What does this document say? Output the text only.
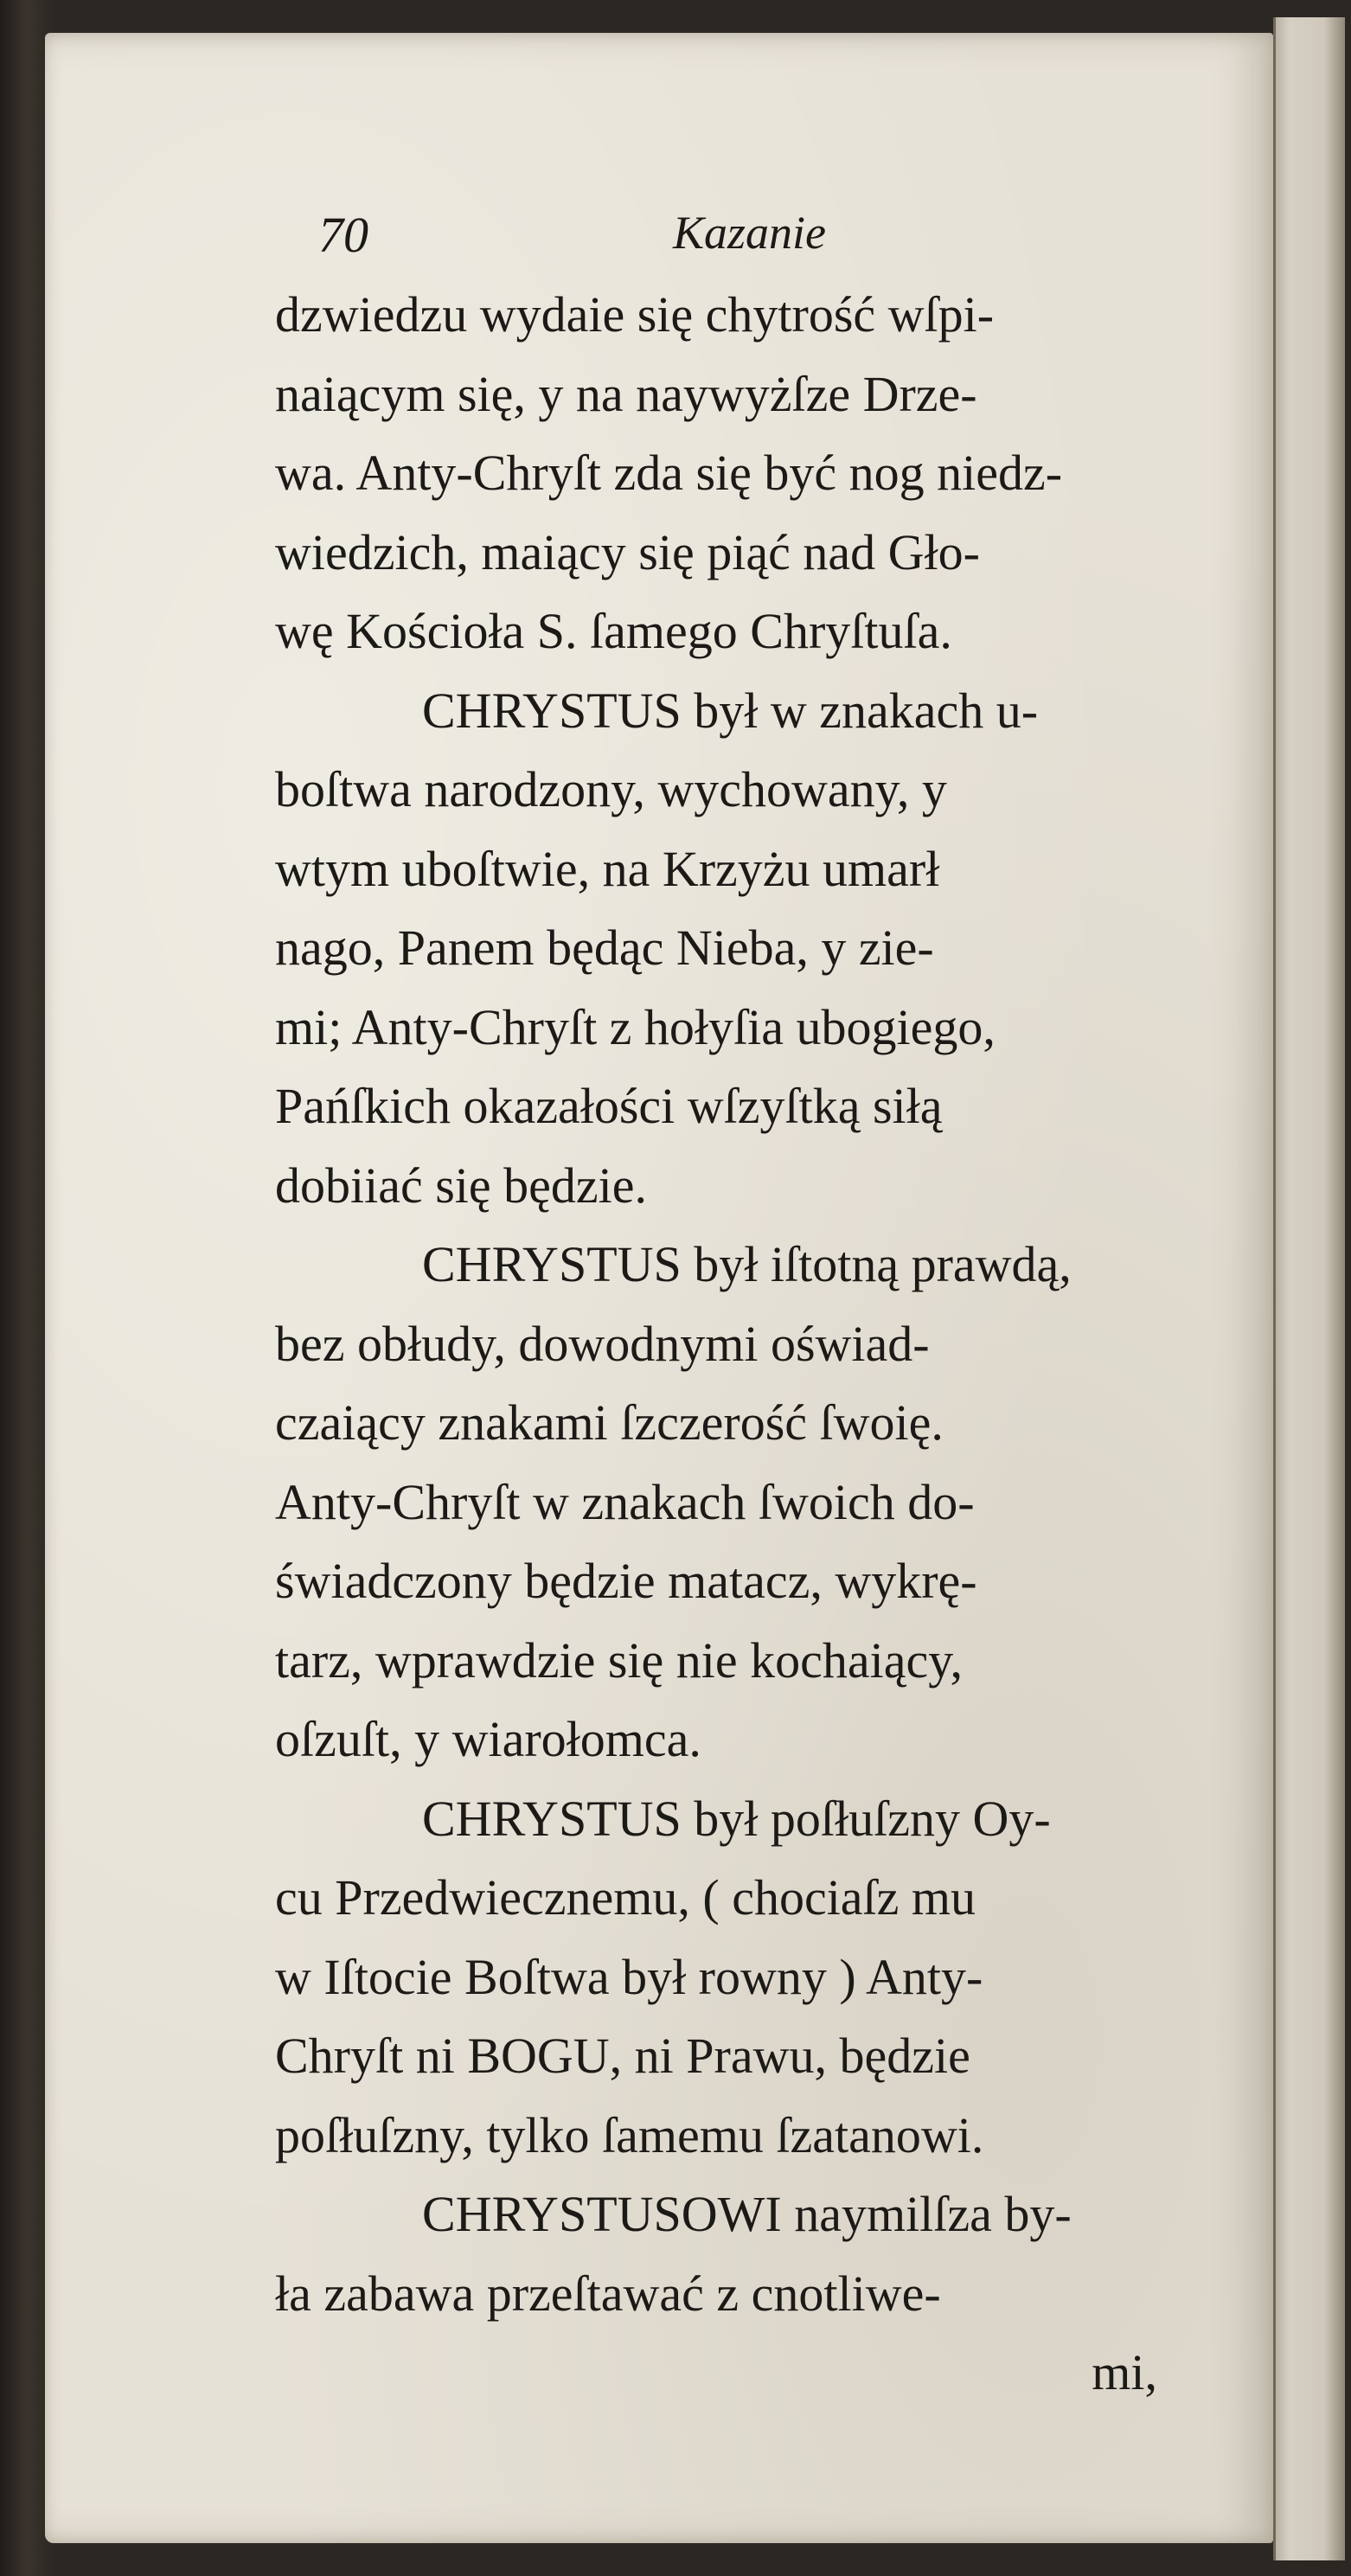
70	Kazanie
dzwiedzu wydaie się chytrość wſpi-
naiącym się, y na naywyżſze Drze-
wa. Anty-Chryſt zda się być nog niedz-
wiedzich, maiący się piąć nad Gło-
wę Kościoła S. ſamego Chryſtuſa.
CHRYSTUS był w znakach u-
boſtwa narodzony, wychowany, y
wtym uboſtwie, na Krzyżu umarł
nago, Panem będąc Nieba, y zie-
mi; Anty-Chryſt z hołyſia ubogiego,
Pańſkich okazałości wſzyſtką siłą
dobiiać się będzie.
CHRYSTUS był iſtotną prawdą,
bez obłudy, dowodnymi oświad-
czaiący znakami ſzczerość ſwoię.
Anty-Chryſt w znakach ſwoich do-
świadczony będzie matacz, wykrę-
tarz, wprawdzie się nie kochaiący,
oſzuſt, y wiarołomca.
CHRYSTUS był poſłuſzny Oy-
cu Przedwiecznemu, ( chociaſz mu
w Iſtocie Boſtwa był rowny ) Anty-
Chryſt ni BOGU, ni Prawu, będzie
poſłuſzny, tylko ſamemu ſzatanowi.
CHRYSTUSOWI naymilſza by-
ła zabawa przeſtawać z cnotliwe-
mi,
